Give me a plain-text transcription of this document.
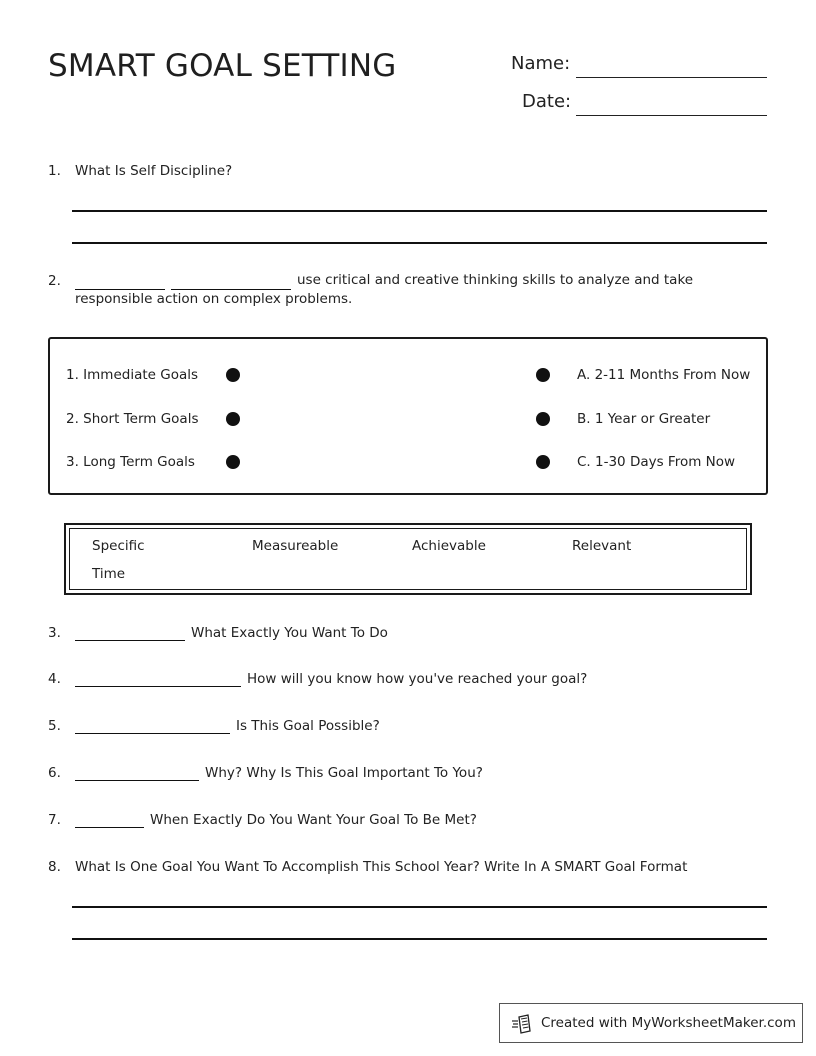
SMART GOAL SETTING	Name:
Date:
1. What Is Self Discipline?
2.	use critical and creative thinking skills to analyze and take
responsible action on complex problems.
1. Immediate Goals	A. 2-11 Months From Now
2. Short Term Goals	B. 1 Year or Greater
3. Long Term Goals	C. 1-30 Days From Now
Specific	Measureable	Achievable	Relevant
Time
3.	What Exactly You Want To Do
4.	How will you know how you've reached your goal?
5.	Is This Goal Possible?
6.	Why? Why Is This Goal Important To You?
7.	When Exactly Do You Want Your Goal To Be Met?
8. What Is One Goal You Want To Accomplish This School Year? Write In A SMART Goal Format
Created with MyWorksheetMaker.com
